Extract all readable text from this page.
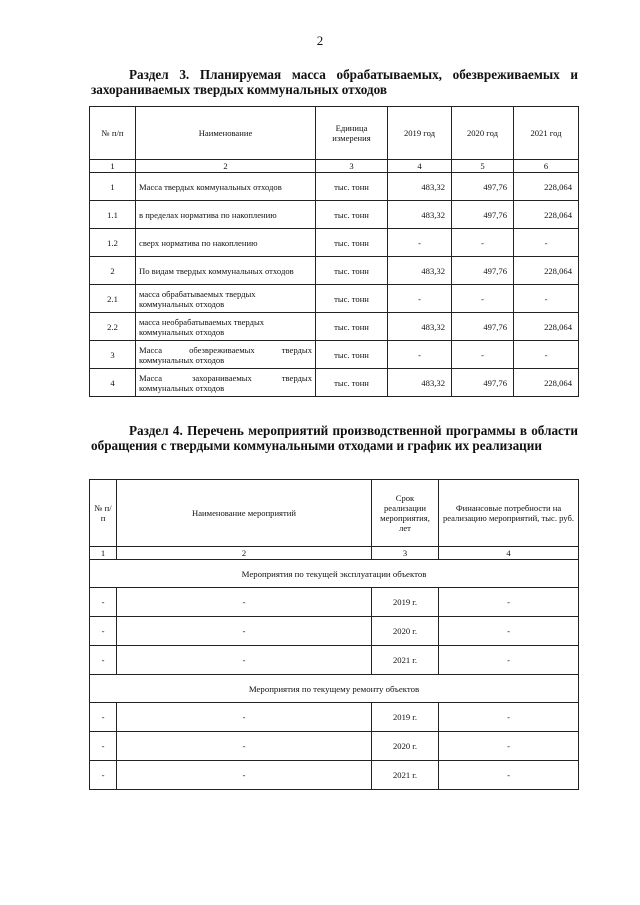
2
Раздел 3. Планируемая масса обрабатываемых, обезвреживаемых и
захораниваемых твердых коммунальных отходов
№ п/п	Наименование	Единица измерения	2019 год	2020 год	2021 год
1	2	3	4	5	6
1	Масса твердых коммунальных отходов	тыс. тонн	483,32	497,76	228,064
1.1	в пределах норматива по накоплению	тыс. тонн	483,32	497,76	228,064
1.2	сверх норматива по накоплению	тыс. тонн	-	-	-
2	По видам твердых коммунальных отходов	тыс. тонн	483,32	497,76	228,064
2.1	масса обрабатываемых твердых коммунальных отходов	тыс. тонн	-	-	-
2.2	масса необрабатываемых твердых коммунальных отходов	тыс. тонн	483,32	497,76	228,064
3	Масса обезвреживаемых твердых коммунальных отходов	тыс. тонн	-	-	-
4	Масса захораниваемых твердых коммунальных отходов	тыс. тонн	483,32	497,76	228,064
Раздел 4. Перечень мероприятий производственной программы в области обращения с твердыми коммунальными отходами и график их реализации
№ п/п	Наименование мероприятий	Срок реализации мероприятия, лет	Финансовые потребности на реализацию мероприятий, тыс. руб.
1	2	3	4
Мероприятия по текущей эксплуатации объектов			
-	-	2019 г.	-
-	-	2020 г.	-
-	-	2021 г.	-
Мероприятия по текущему ремонту объектов			
-	-	2019 г.	-
-	-	2020 г.	-
-	-	2021 г.	-
